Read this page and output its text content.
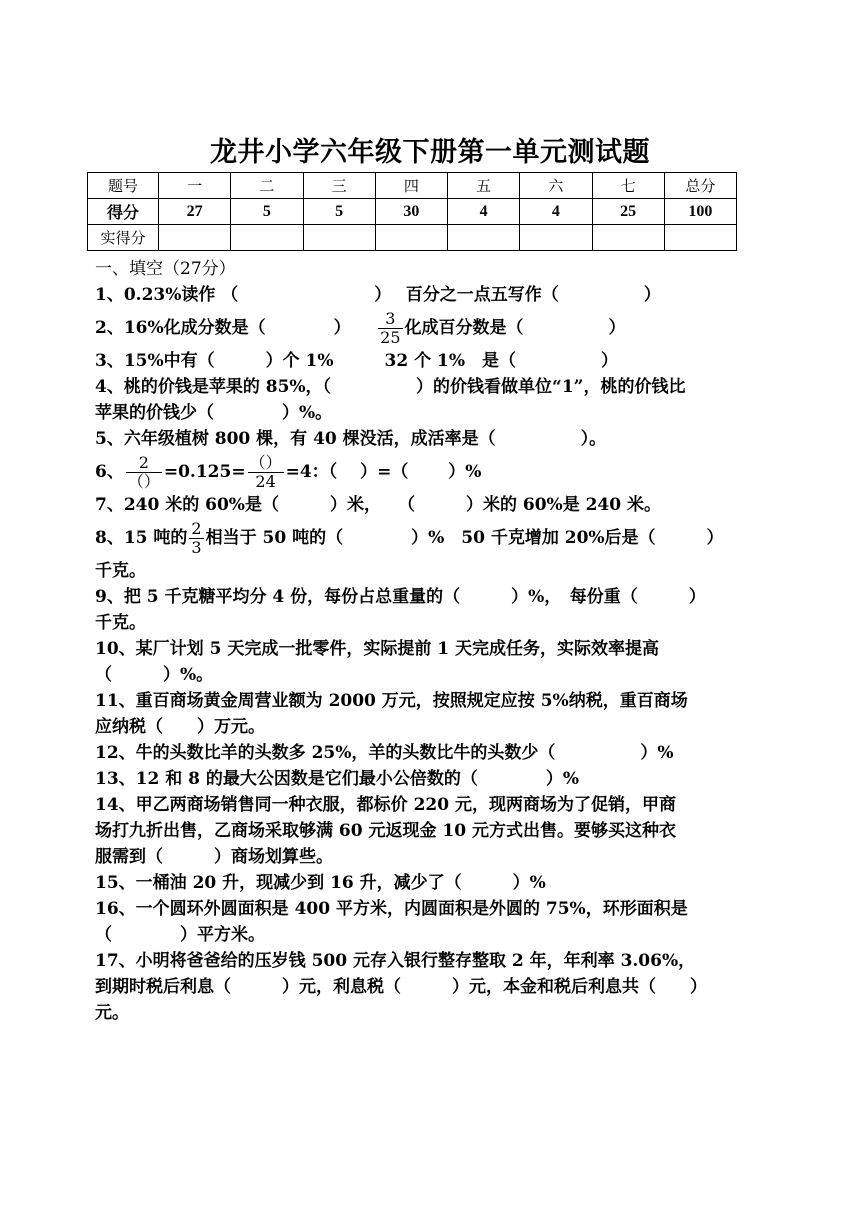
龙井小学六年级下册第一单元测试题
题号	一	二	三	四	五	六	七	总分
得分	27	5	5	30	4	4	25	100
实得分								
一、填空（27分）
1、0.23%读作 （　　　　　　　　）　 百分之一点五写作（　　　　　）
2、16%化成分数是（　　　　）　　 $\frac{3}{25}$ 化成百分数是（　　　　　）
3、15%中有（　　　）个 1%　　　32 个 1%　是（　　　　　）
4、桃的价钱是苹果的 85%，（　　　　　）的价钱看做单位“1”，桃的价钱比
苹果的价钱少（　　　　）%。
5、六年级植树 800 棵，有 40 棵没活，成活率是（　　　　　）。
6、 $\frac{2}{()} =0.125= \frac{()}{24} =4$：（　 ）=（　　 ）%
7、240 米的 60%是（　　　）米，　　（　　　）米的 60%是 240 米。
8、15 吨的 $\frac{2}{3}$ 相当于 50 吨的（　　　　）%　50 千克增加 20%后是（　　　）
千克。
9、把 5 千克糖平均分 4 份，每份占总重量的（　　　）%，　每份重（　　　）
千克。
10、某厂计划 5 天完成一批零件，实际提前 1 天完成任务，实际效率提高
（　　　）%。
11、重百商场黄金周营业额为 2000 万元，按照规定应按 5%纳税，重百商场
应纳税（　　）万元。
12、牛的头数比羊的头数多 25%，羊的头数比牛的头数少（　　　　　）%
13、12 和 8 的最大公因数是它们最小公倍数的（　　　　）%
14、甲乙两商场销售同一种衣服，都标价 220 元，现两商场为了促销，甲商
场打九折出售，乙商场采取够满 60 元返现金 10 元方式出售。要够买这种衣
服需到（　　　）商场划算些。
15、一桶油 20 升，现减少到 16 升，减少了（　　　）%
16、一个圆环外圆面积是 400 平方米，内圆面积是外圆的 75%，环形面积是
（　　　　）平方米。
17、小明将爸爸给的压岁钱 500 元存入银行整存整取 2 年，年利率 3.06%，
到期时税后利息（　　　）元，利息税（　　　）元，本金和税后利息共（　　）
元。
